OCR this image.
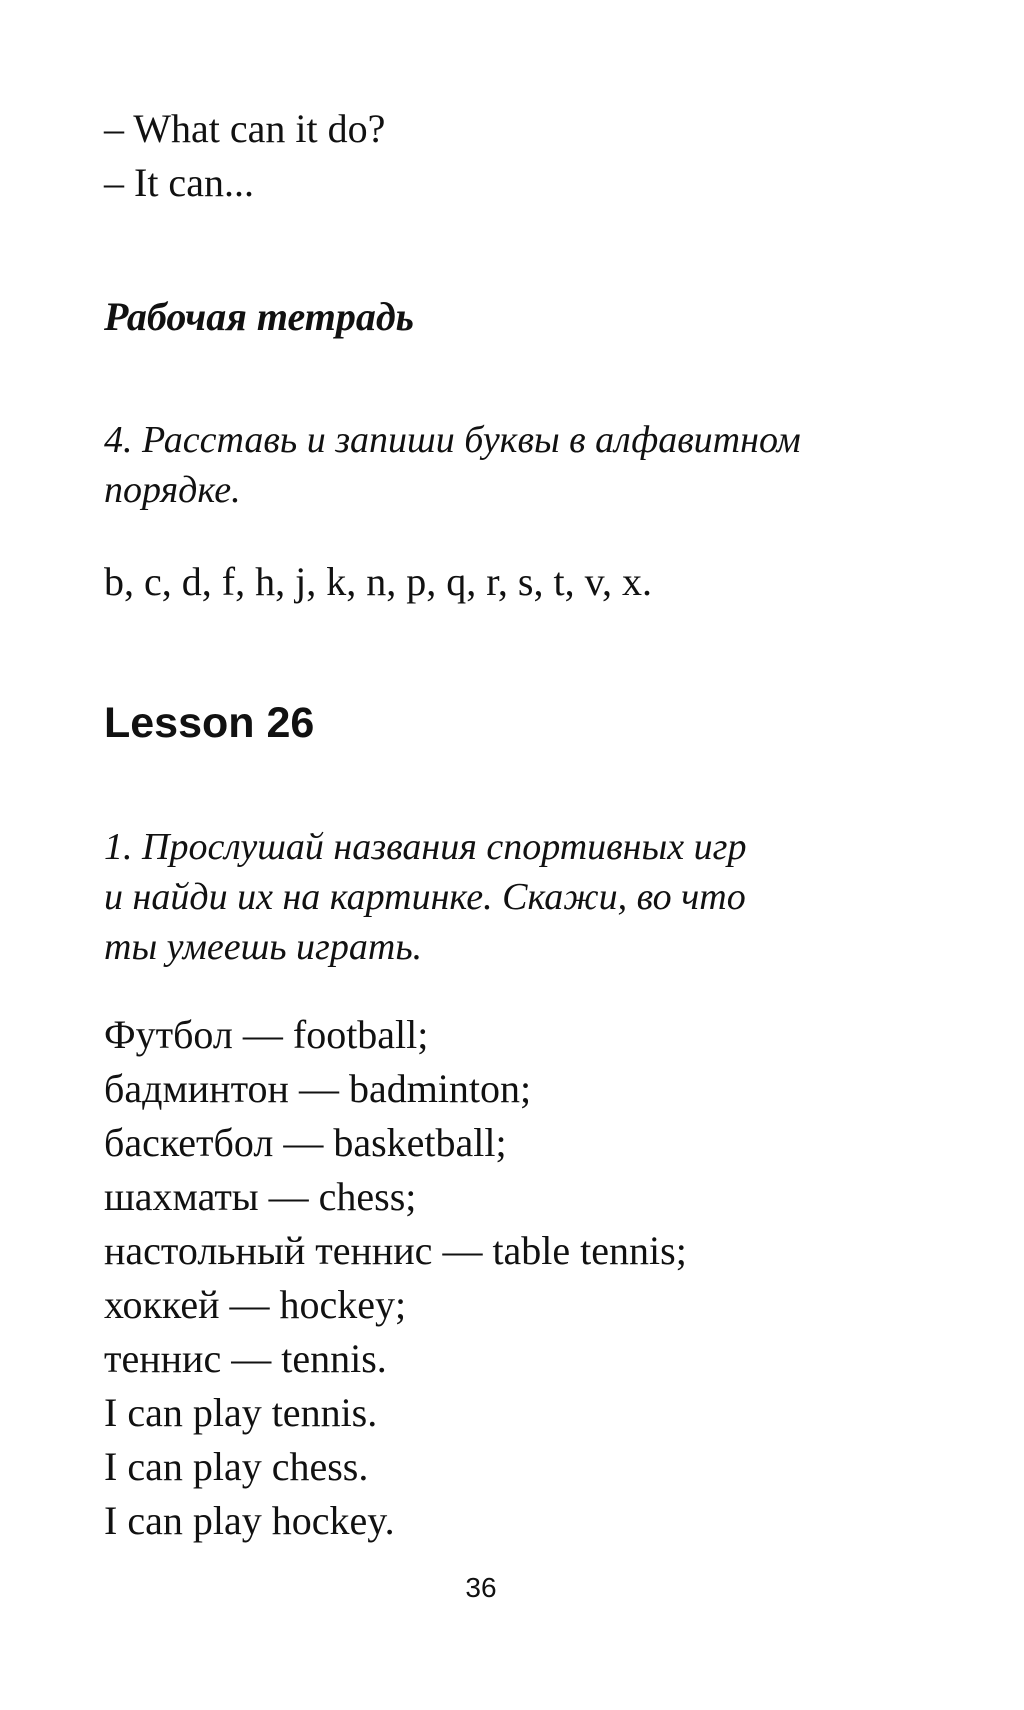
– What can it do?
– It can...
Рабочая тетрадь
4. Расставь и запиши буквы в алфавитном
порядке.
b, c, d, f, h, j, k, n, p, q, r, s, t, v, x.
Lesson 26
1. Прослушай названия спортивных игр
и найди их на картинке. Скажи, во что
ты умеешь играть.
Футбол — football;
бадминтон — badminton;
баскетбол — basketball;
шахматы — chess;
настольный теннис — table tennis;
хоккей — hockey;
теннис — tennis.
I can play tennis.
I can play chess.
I can play hockey.
36
